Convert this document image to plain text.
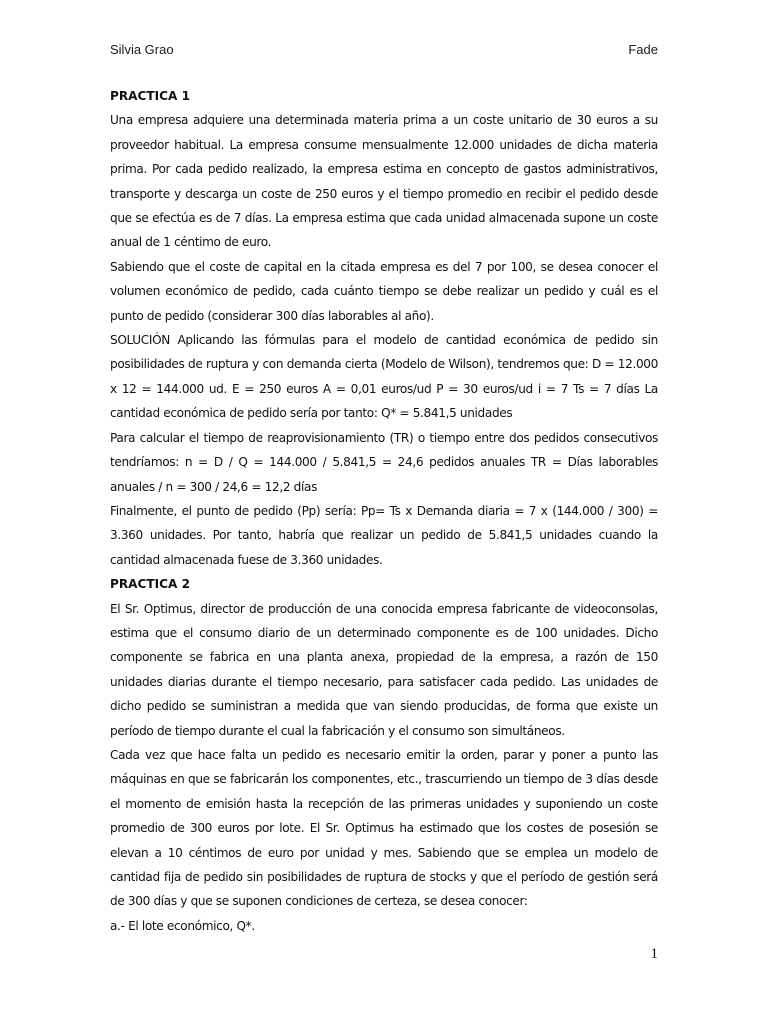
Silvia Grao	Fade

PRACTICA 1

Una empresa adquiere una determinada materia prima a un coste unitario de 30 euros a su proveedor habitual. La empresa consume mensualmente 12.000 unidades de dicha materia prima. Por cada pedido realizado, la empresa estima en concepto de gastos administrativos, transporte y descarga un coste de 250 euros y el tiempo promedio en recibir el pedido desde que se efectúa es de 7 días. La empresa estima que cada unidad almacenada supone un coste anual de 1 céntimo de euro.

Sabiendo que el coste de capital en la citada empresa es del 7 por 100, se desea conocer el volumen económico de pedido, cada cuánto tiempo se debe realizar un pedido y cuál es el punto de pedido (considerar 300 días laborables al año).

SOLUCIÓN Aplicando las fórmulas para el modelo de cantidad económica de pedido sin posibilidades de ruptura y con demanda cierta (Modelo de Wilson), tendremos que: D = 12.000 x 12 = 144.000 ud. E = 250 euros A = 0,01 euros/ud P = 30 euros/ud i = 7 Ts = 7 días La cantidad económica de pedido sería por tanto: Q* = 5.841,5 unidades

Para calcular el tiempo de reaprovisionamiento (TR) o tiempo entre dos pedidos consecutivos tendríamos: n = D / Q = 144.000 / 5.841,5 = 24,6 pedidos anuales TR = Días laborables anuales / n = 300 / 24,6 = 12,2 días

Finalmente, el punto de pedido (Pp) sería: Pp= Ts x Demanda diaria = 7 x (144.000 / 300) = 3.360 unidades. Por tanto, habría que realizar un pedido de 5.841,5 unidades cuando la cantidad almacenada fuese de 3.360 unidades.

PRACTICA 2

El Sr. Optimus, director de producción de una conocida empresa fabricante de videoconsolas, estima que el consumo diario de un determinado componente es de 100 unidades. Dicho componente se fabrica en una planta anexa, propiedad de la empresa, a razón de 150 unidades diarias durante el tiempo necesario, para satisfacer cada pedido. Las unidades de dicho pedido se suministran a medida que van siendo producidas, de forma que existe un período de tiempo durante el cual la fabricación y el consumo son simultáneos.

Cada vez que hace falta un pedido es necesario emitir la orden, parar y poner a punto las máquinas en que se fabricarán los componentes, etc., trascurriendo un tiempo de 3 días desde el momento de emisión hasta la recepción de las primeras unidades y suponiendo un coste promedio de 300 euros por lote. El Sr. Optimus ha estimado que los costes de posesión se elevan a 10 céntimos de euro por unidad y mes. Sabiendo que se emplea un modelo de cantidad fija de pedido sin posibilidades de ruptura de stocks y que el período de gestión será de 300 días y que se suponen condiciones de certeza, se desea conocer:

a.- El lote económico, Q*.

1
